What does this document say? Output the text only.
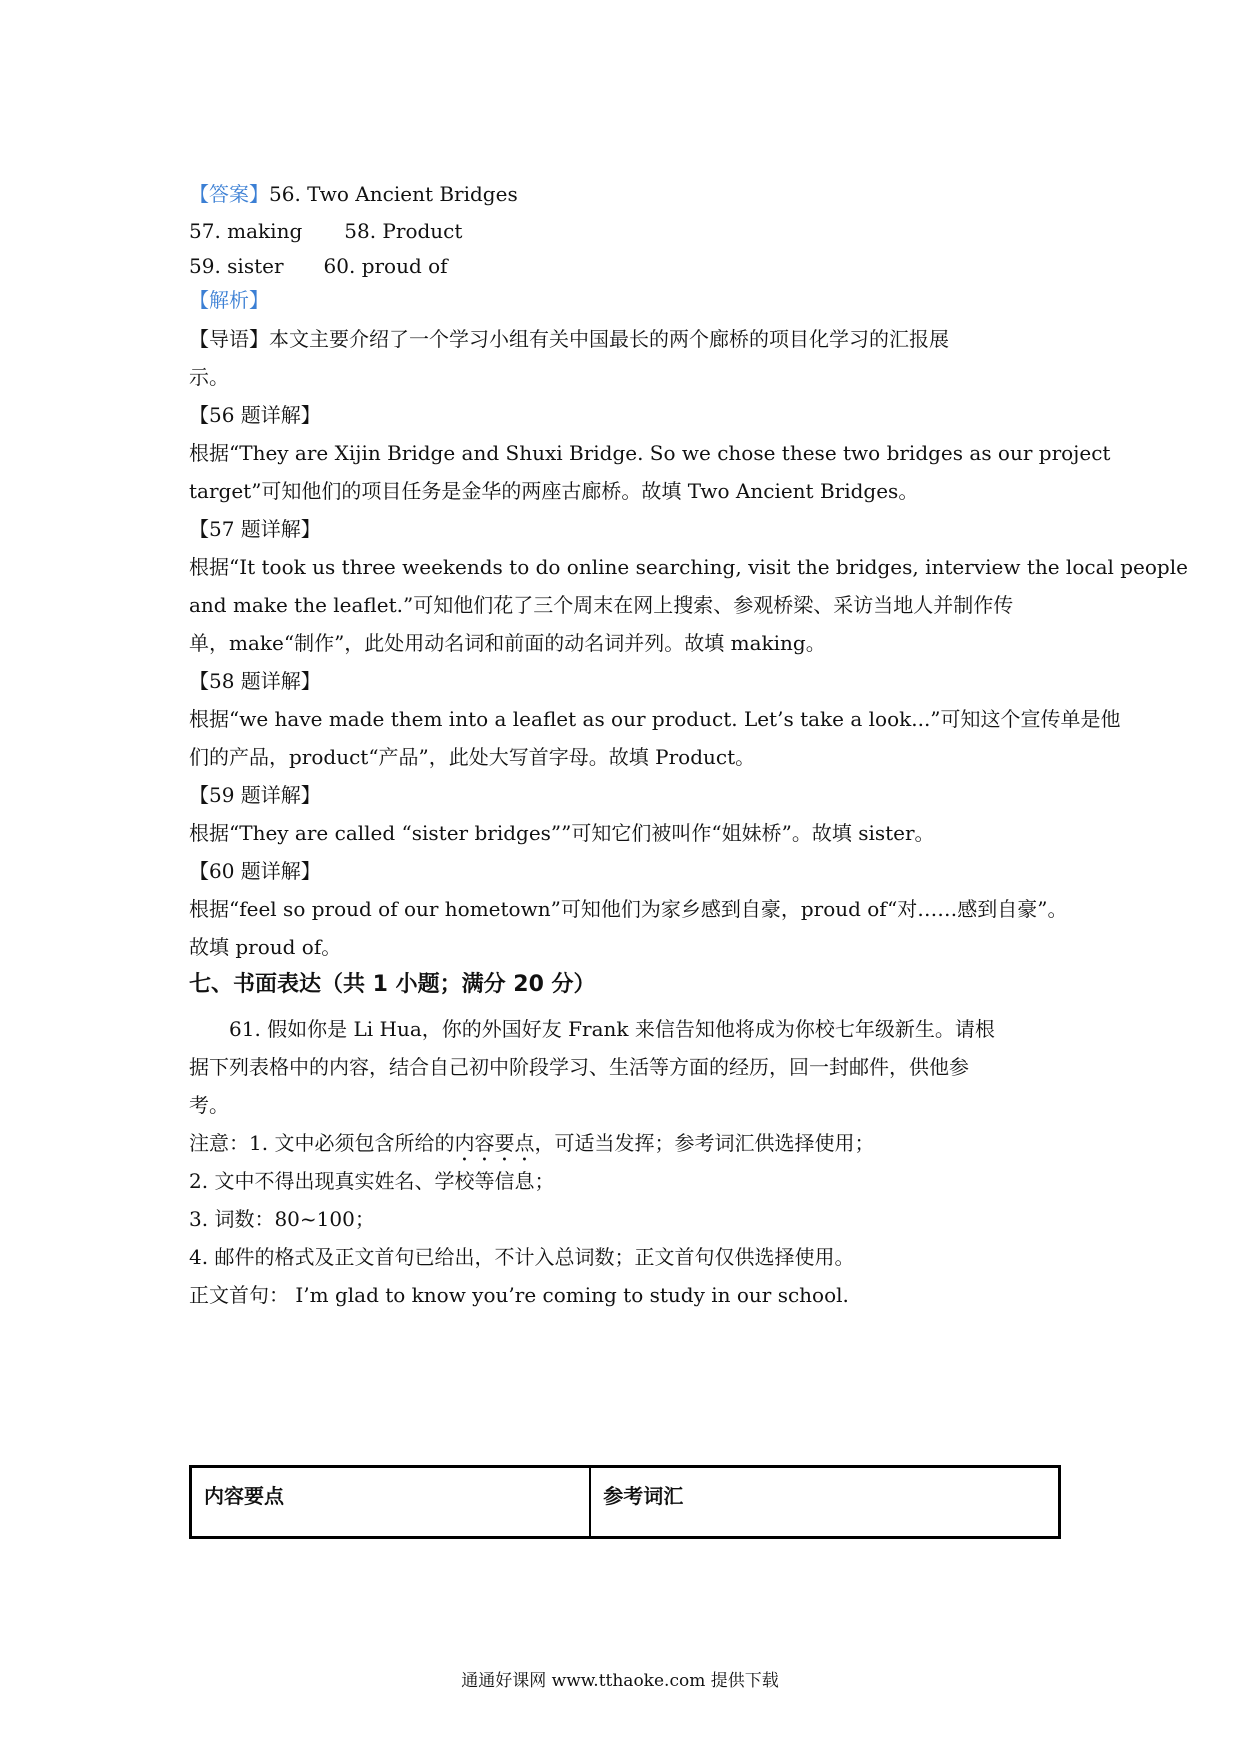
【答案】56. Two Ancient Bridges
57. making 58. Product
59. sister 60. proud of
【解析】
【导语】本文主要介绍了一个学习小组有关中国最长的两个廊桥的项目化学习的汇报展
示。
【56 题详解】
根据“They are Xijin Bridge and Shuxi Bridge. So we chose these two bridges as our project
target”可知他们的项目任务是金华的两座古廊桥。故填 Two Ancient Bridges。
【57 题详解】
根据“It took us three weekends to do online searching, visit the bridges, interview the local people
and make the leaflet.”可知他们花了三个周末在网上搜索、参观桥梁、采访当地人并制作传
单，make“制作”，此处用动名词和前面的动名词并列。故填 making。
【58 题详解】
根据“we have made them into a leaflet as our product. Let’s take a look...”可知这个宣传单是他
们的产品，product“产品”，此处大写首字母。故填 Product。
【59 题详解】
根据“They are called “sister bridges””可知它们被叫作“姐妹桥”。故填 sister。
【60 题详解】
根据“feel so proud of our hometown”可知他们为家乡感到自豪，proud of“对……感到自豪”。
故填 proud of。
七、书面表达（共 1 小题；满分 20 分）
61. 假如你是 Li Hua，你的外国好友 Frank 来信告知他将成为你校七年级新生。请根
据下列表格中的内容，结合自己初中阶段学习、生活等方面的经历，回一封邮件，供他参
考。
注意：1. 文中必须包含所给的内容要点，可适当发挥；参考词汇供选择使用；
2. 文中不得出现真实姓名、学校等信息；
3. 词数：80~100；
4. 邮件的格式及正文首句已给出，不计入总词数；正文首句仅供选择使用。
正文首句： I’m glad to know you’re coming to study in our school.
内容要点	参考词汇
通通好课网 www.tthaoke.com 提供下载
